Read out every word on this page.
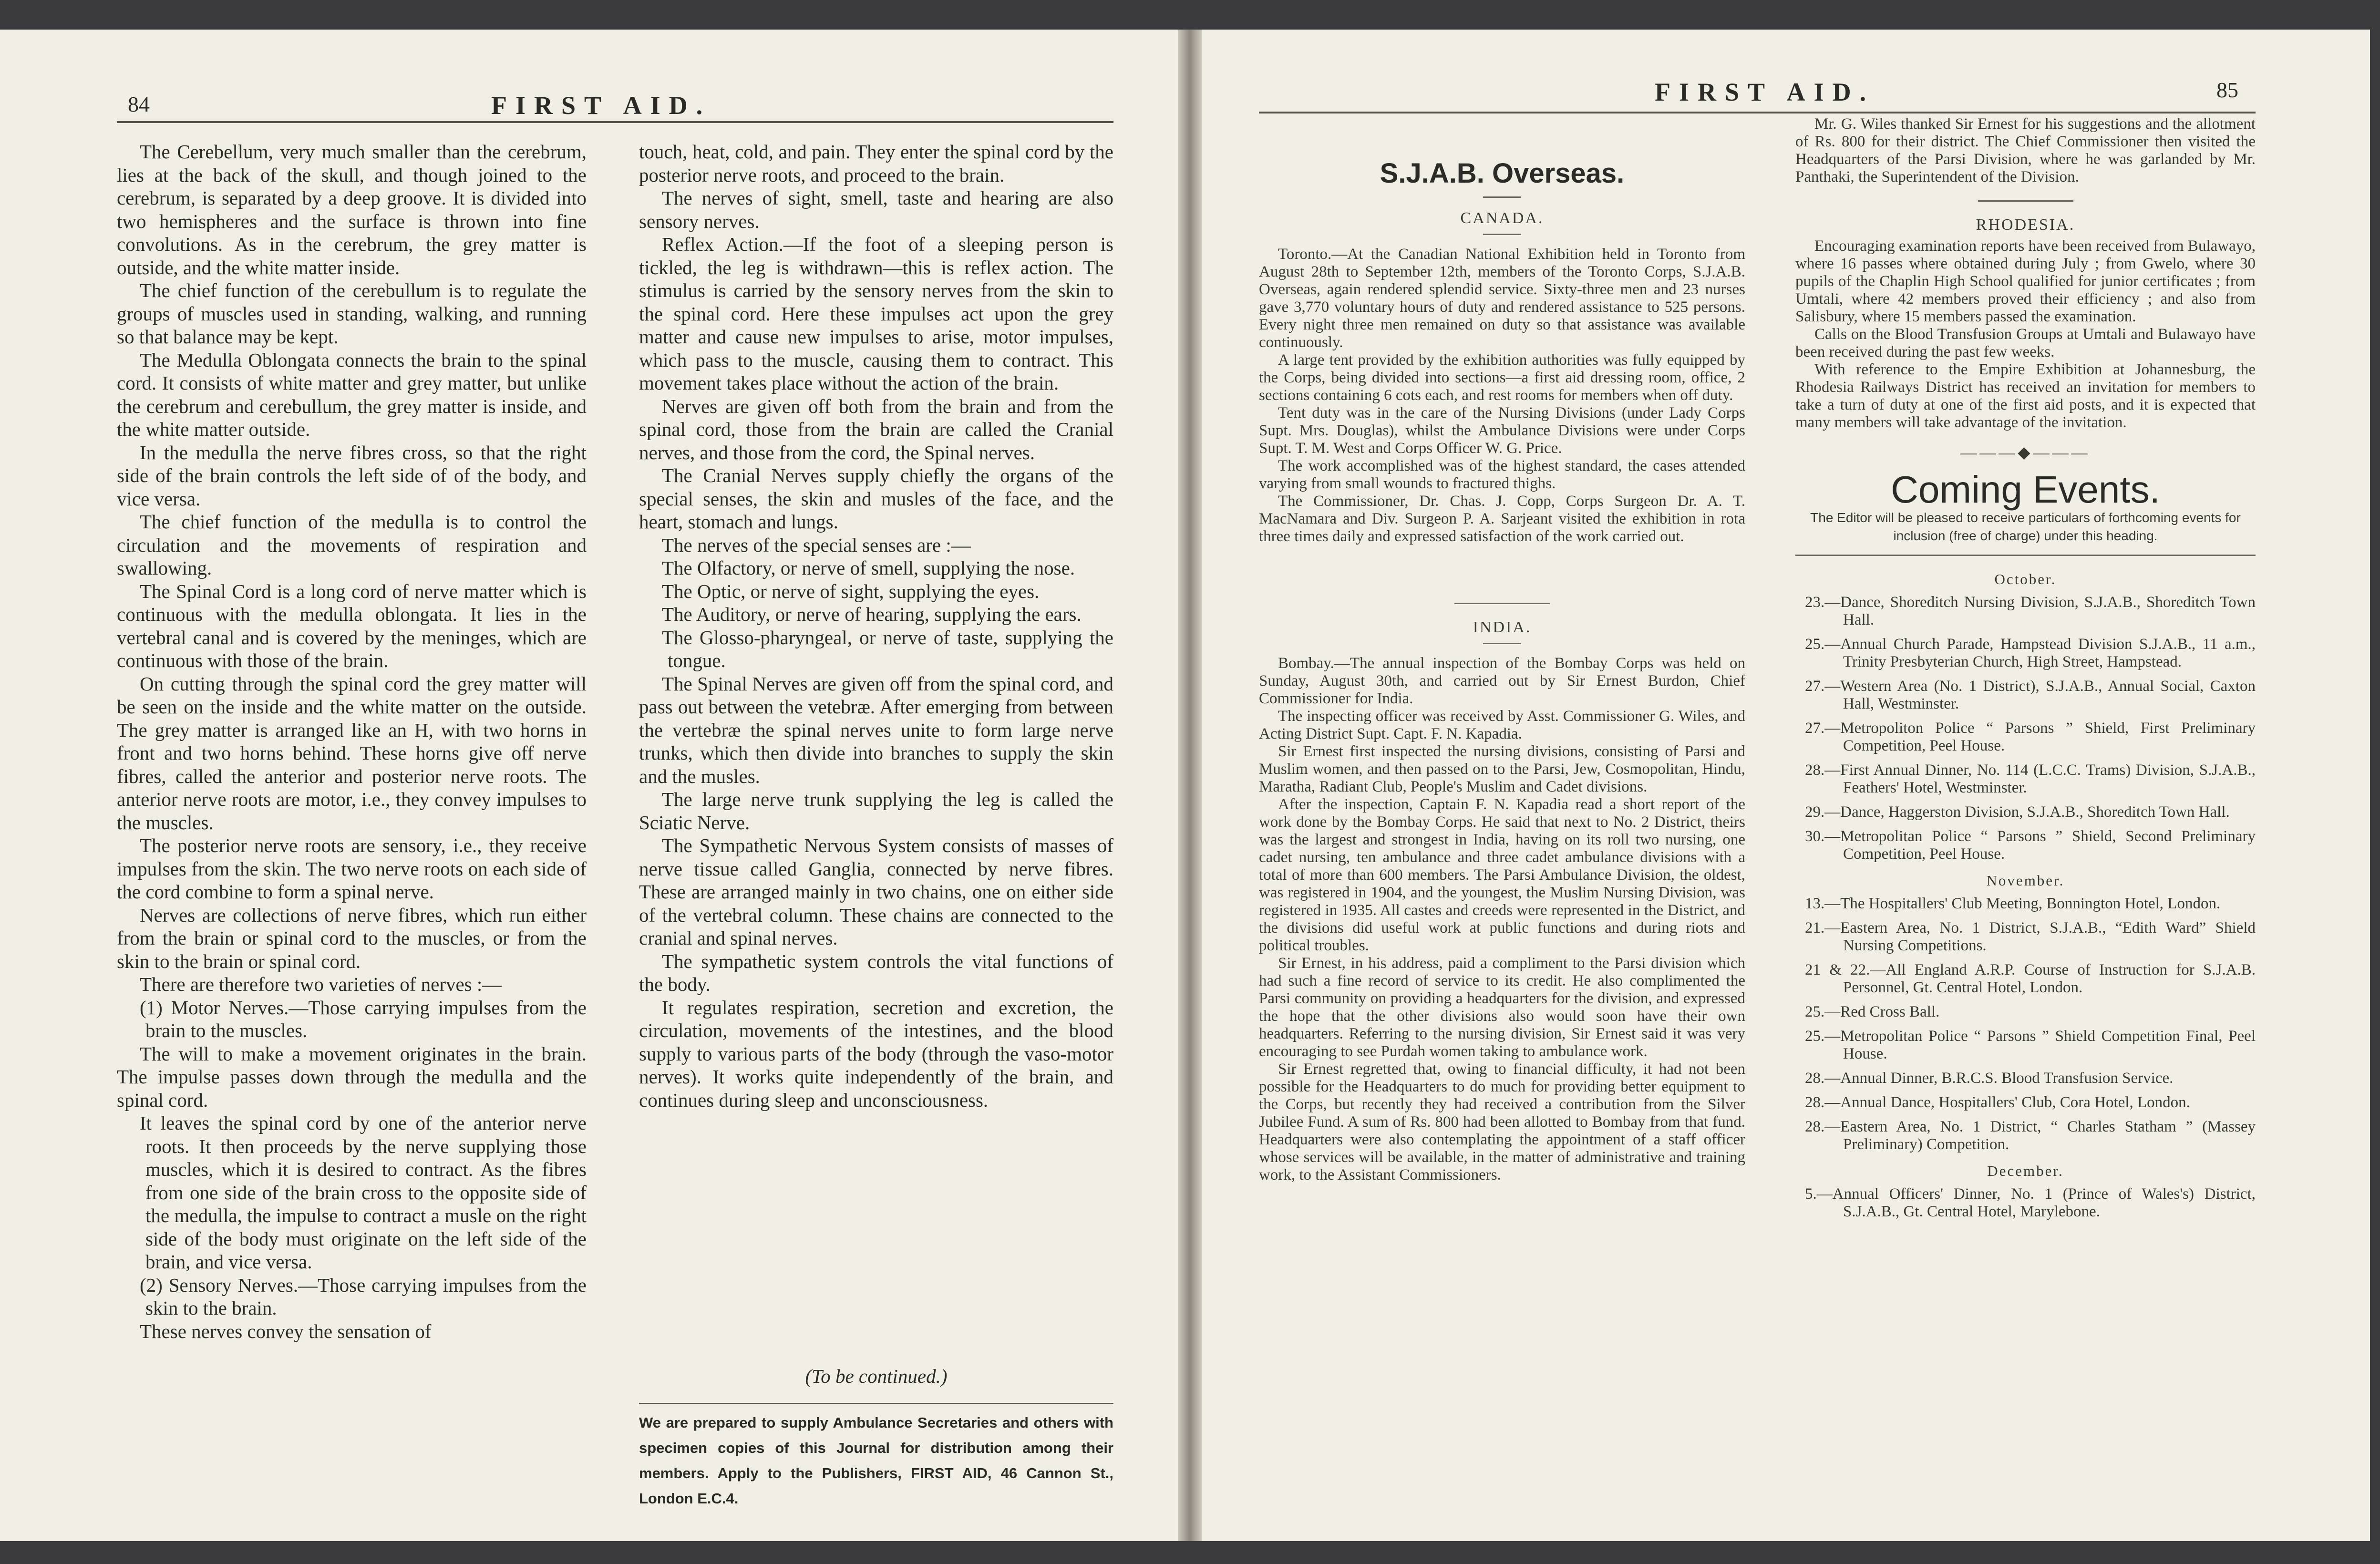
84	FIRST AID.

The Cerebellum, very much smaller than the cerebrum, lies at the back of the skull, and though joined to the cerebrum, is separated by a deep groove. It is divided into two hemispheres and the surface is thrown into fine convolutions. As in the cerebrum, the grey matter is outside, and the white matter inside.

The chief function of the cerebullum is to regulate the groups of muscles used in standing, walking, and running so that balance may be kept.

The Medulla Oblongata connects the brain to the spinal cord. It consists of white matter and grey matter, but unlike the cerebrum and cerebullum, the grey matter is inside, and the white matter outside.

In the medulla the nerve fibres cross, so that the right side of the brain controls the left side of of the body, and vice versa.

The chief function of the medulla is to control the circulation and the movements of respiration and swallowing.

The Spinal Cord is a long cord of nerve matter which is continuous with the medulla oblongata. It lies in the vertebral canal and is covered by the meninges, which are continuous with those of the brain.

On cutting through the spinal cord the grey matter will be seen on the inside and the white matter on the outside. The grey matter is arranged like an H, with two horns in front and two horns behind. These horns give off nerve fibres, called the anterior and posterior nerve roots. The anterior nerve roots are motor, i.e., they convey impulses to the muscles.

The posterior nerve roots are sensory, i.e., they receive impulses from the skin. The two nerve roots on each side of the cord combine to form a spinal nerve.

Nerves are collections of nerve fibres, which run either from the brain or spinal cord to the muscles, or from the skin to the brain or spinal cord.

There are therefore two varieties of nerves :—

(1) Motor Nerves.—Those carrying impulses from the brain to the muscles.

The will to make a movement originates in the brain. The impulse passes down through the medulla and the spinal cord.

It leaves the spinal cord by one of the anterior nerve roots. It then proceeds by the nerve supplying those muscles, which it is desired to contract. As the fibres from one side of the brain cross to the opposite side of the medulla, the impulse to contract a musle on the right side of the body must originate on the left side of the brain, and vice versa.

(2) Sensory Nerves.—Those carrying impulses from the skin to the brain.

These nerves convey the sensation of

touch, heat, cold, and pain. They enter the spinal cord by the posterior nerve roots, and proceed to the brain.

The nerves of sight, smell, taste and hearing are also sensory nerves.

Reflex Action.—If the foot of a sleeping person is tickled, the leg is withdrawn—this is reflex action. The stimulus is carried by the sensory nerves from the skin to the spinal cord. Here these impulses act upon the grey matter and cause new impulses to arise, motor impulses, which pass to the muscle, causing them to contract. This movement takes place without the action of the brain.

Nerves are given off both from the brain and from the spinal cord, those from the brain are called the Cranial nerves, and those from the cord, the Spinal nerves.

The Cranial Nerves supply chiefly the organs of the special senses, the skin and musles of the face, and the heart, stomach and lungs.

The nerves of the special senses are :—

The Olfactory, or nerve of smell, supplying the nose.

The Optic, or nerve of sight, supplying the eyes.

The Auditory, or nerve of hearing, supplying the ears.

The Glosso-pharyngeal, or nerve of taste, supplying the tongue.

The Spinal Nerves are given off from the spinal cord, and pass out between the vetebræ. After emerging from between the vertebræ the spinal nerves unite to form large nerve trunks, which then divide into branches to supply the skin and the musles.

The large nerve trunk supplying the leg is called the Sciatic Nerve.

The Sympathetic Nervous System consists of masses of nerve tissue called Ganglia, connected by nerve fibres. These are arranged mainly in two chains, one on either side of the vertebral column. These chains are connected to the cranial and spinal nerves.

The sympathetic system controls the vital functions of the body.

It regulates respiration, secretion and excretion, the circulation, movements of the intestines, and the blood supply to various parts of the body (through the vaso-motor nerves). It works quite independently of the brain, and continues during sleep and unconsciousness.

(To be continued.)
We are prepared to supply Ambulance Secretaries and others with specimen copies of this Journal for distribution among their members. Apply to the Publishers, FIRST AID, 46 Cannon St., London E.C.4.
FIRST AID.	85
S.J.A.B. Overseas.

CANADA.

Toronto.—At the Canadian National Exhibition held in Toronto from August 28th to September 12th, members of the Toronto Corps, S.J.A.B. Overseas, again rendered splendid service. Sixty-three men and 23 nurses gave 3,770 voluntary hours of duty and rendered assistance to 525 persons. Every night three men remained on duty so that assistance was available continuously.

A large tent provided by the exhibition authorities was fully equipped by the Corps, being divided into sections—a first aid dressing room, office, 2 sections containing 6 cots each, and rest rooms for members when off duty.

Tent duty was in the care of the Nursing Divisions (under Lady Corps Supt. Mrs. Douglas), whilst the Ambulance Divisions were under Corps Supt. T. M. West and Corps Officer W. G. Price.

The work accomplished was of the highest standard, the cases attended varying from small wounds to fractured thighs.

The Commissioner, Dr. Chas. J. Copp, Corps Surgeon Dr. A. T. MacNamara and Div. Surgeon P. A. Sarjeant visited the exhibition in rota three times daily and expressed satisfaction of the work carried out.

INDIA.

Bombay.—The annual inspection of the Bombay Corps was held on Sunday, August 30th, and carried out by Sir Ernest Burdon, Chief Commissioner for India.

The inspecting officer was received by Asst. Commissioner G. Wiles, and Acting District Supt. Capt. F. N. Kapadia.

Sir Ernest first inspected the nursing divisions, consisting of Parsi and Muslim women, and then passed on to the Parsi, Jew, Cosmopolitan, Hindu, Maratha, Radiant Club, People's Muslim and Cadet divisions.

After the inspection, Captain F. N. Kapadia read a short report of the work done by the Bombay Corps. He said that next to No. 2 District, theirs was the largest and strongest in India, having on its roll two nursing, one cadet nursing, ten ambulance and three cadet ambulance divisions with a total of more than 600 members. The Parsi Ambulance Division, the oldest, was registered in 1904, and the youngest, the Muslim Nursing Division, was registered in 1935. All castes and creeds were represented in the District, and the divisions did useful work at public functions and during riots and political troubles.

Sir Ernest, in his address, paid a compliment to the Parsi division which had such a fine record of service to its credit. He also complimented the Parsi community on providing a headquarters for the division, and expressed the hope that the other divisions also would soon have their own headquarters. Referring to the nursing division, Sir Ernest said it was very encouraging to see Purdah women taking to ambulance work.

Sir Ernest regretted that, owing to financial difficulty, it had not been possible for the Headquarters to do much for providing better equipment to the Corps, but recently they had received a contribution from the Silver Jubilee Fund. A sum of Rs. 800 had been allotted to Bombay from that fund. Headquarters were also contemplating the appointment of a staff officer whose services will be available, in the matter of administrative and training work, to the Assistant Commissioners.

Mr. G. Wiles thanked Sir Ernest for his suggestions and the allotment of Rs. 800 for their district. The Chief Commissioner then visited the Headquarters of the Parsi Division, where he was garlanded by Mr. Panthaki, the Superintendent of the Division.

RHODESIA.

Encouraging examination reports have been received from Bulawayo, where 16 passes where obtained during July ; from Gwelo, where 30 pupils of the Chaplin High School qualified for junior certificates ; from Umtali, where 42 members proved their efficiency ; and also from Salisbury, where 15 members passed the examination.

Calls on the Blood Transfusion Groups at Umtali and Bulawayo have been received during the past few weeks.

With reference to the Empire Exhibition at Johannesburg, the Rhodesia Railways District has received an invitation for members to take a turn of duty at one of the first aid posts, and it is expected that many members will take advantage of the invitation.

———◆———

Coming Events.
The Editor will be pleased to receive particulars of forthcoming events for inclusion (free of charge) under this heading.

October.

23.—Dance, Shoreditch Nursing Division, S.J.A.B., Shoreditch Town Hall.

25.—Annual Church Parade, Hampstead Division S.J.A.B., 11 a.m., Trinity Presbyterian Church, High Street, Hampstead.

27.—Western Area (No. 1 District), S.J.A.B., Annual Social, Caxton Hall, Westminster.

27.—Metropoliton Police “ Parsons ” Shield, First Preliminary Competition, Peel House.

28.—First Annual Dinner, No. 114 (L.C.C. Trams) Division, S.J.A.B., Feathers' Hotel, Westminster.

29.—Dance, Haggerston Division, S.J.A.B., Shoreditch Town Hall.

30.—Metropolitan Police “ Parsons ” Shield, Second Preliminary Competition, Peel House.

November.

13.—The Hospitallers' Club Meeting, Bonnington Hotel, London.

21.—Eastern Area, No. 1 District, S.J.A.B., “Edith Ward” Shield Nursing Competitions.

21 & 22.—All England A.R.P. Course of Instruction for S.J.A.B. Personnel, Gt. Central Hotel, London.

25.—Red Cross Ball.

25.—Metropolitan Police “ Parsons ” Shield Competition Final, Peel House.

28.—Annual Dinner, B.R.C.S. Blood Transfusion Service.

28.—Annual Dance, Hospitallers' Club, Cora Hotel, London.

28.—Eastern Area, No. 1 District, “ Charles Statham ” (Massey Preliminary) Competition.

December.

5.—Annual Officers' Dinner, No. 1 (Prince of Wales's) District, S.J.A.B., Gt. Central Hotel, Marylebone.
